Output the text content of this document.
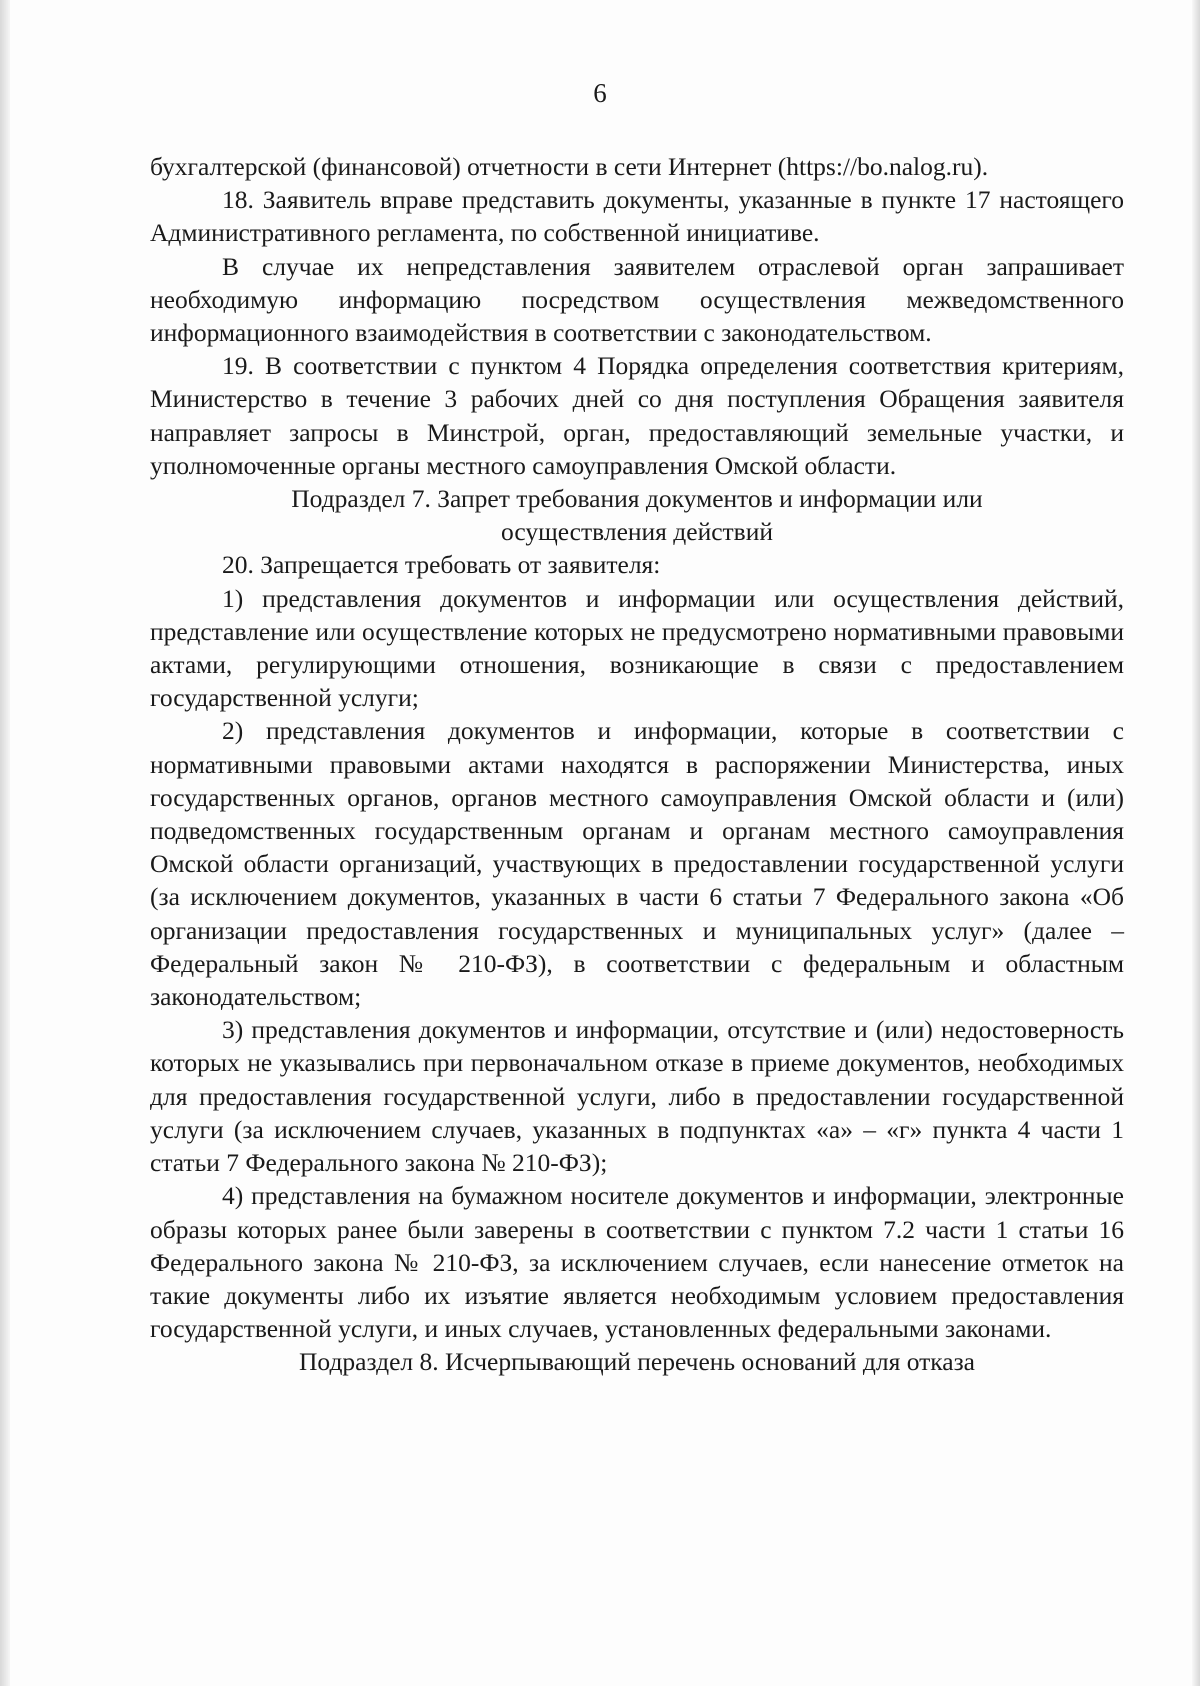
6

бухгалтерской (финансовой) отчетности в сети Интернет (https://bo.nalog.ru).

18. Заявитель вправе представить документы, указанные в пункте 17 настоящего Административного регламента, по собственной инициативе.

В случае их непредставления заявителем отраслевой орган запрашивает необходимую информацию посредством осуществления межведомственного информационного взаимодействия в соответствии с законодательством.

19. В соответствии с пунктом 4 Порядка определения соответствия критериям, Министерство в течение 3 рабочих дней со дня поступления Обращения заявителя направляет запросы в Минстрой, орган, предоставляющий земельные участки, и уполномоченные органы местного самоуправления Омской области.

Подраздел 7. Запрет требования документов и информации или осуществления действий

20. Запрещается требовать от заявителя:

1) представления документов и информации или осуществления действий, представление или осуществление которых не предусмотрено нормативными правовыми актами, регулирующими отношения, возникающие в связи с предоставлением государственной услуги;

2) представления документов и информации, которые в соответствии с нормативными правовыми актами находятся в распоряжении Министерства, иных государственных органов, органов местного самоуправления Омской области и (или) подведомственных государственным органам и органам местного самоуправления Омской области организаций, участвующих в предоставлении государственной услуги (за исключением документов, указанных в части 6 статьи 7 Федерального закона «Об организации предоставления государственных и муниципальных услуг» (далее – Федеральный закон № 210-ФЗ), в соответствии с федеральным и областным законодательством;

3) представления документов и информации, отсутствие и (или) недостоверность которых не указывались при первоначальном отказе в приеме документов, необходимых для предоставления государственной услуги, либо в предоставлении государственной услуги (за исключением случаев, указанных в подпунктах «а» – «г» пункта 4 части 1 статьи 7 Федерального закона № 210-ФЗ);

4) представления на бумажном носителе документов и информации, электронные образы которых ранее были заверены в соответствии с пунктом 7.2 части 1 статьи 16 Федерального закона № 210-ФЗ, за исключением случаев, если нанесение отметок на такие документы либо их изъятие является необходимым условием предоставления государственной услуги, и иных случаев, установленных федеральными законами.

Подраздел 8. Исчерпывающий перечень оснований для отказа
